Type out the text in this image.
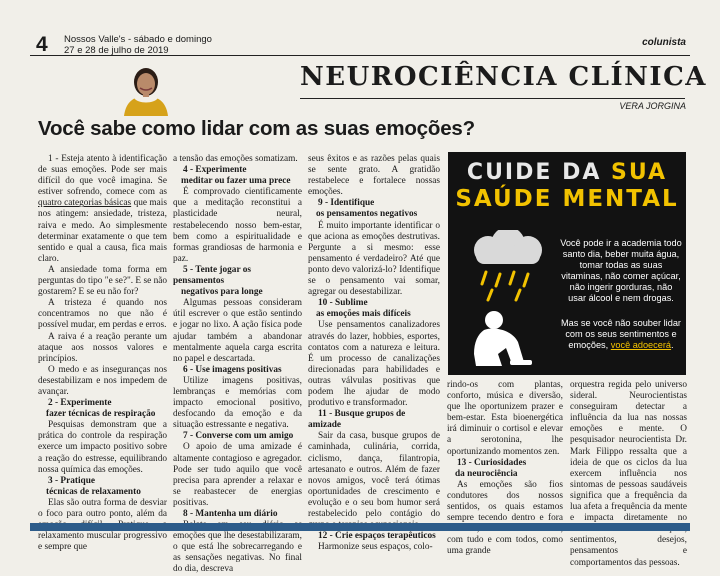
4 Nossos Valle's - sábado e domingo
27 e 28 de julho de 2019
colunista
NEUROCIÊNCIA CLÍNICA
VERA JORGINA
Você sabe como lidar com as suas emoções?

1 - Esteja atento à identificação de suas emoções. Pode ser mais difícil do que você imagina. Se estiver sofrendo, comece com as quatro categorias básicas que mais nos atingem: ansiedade, tristeza, raiva e medo. Ao simplesmente determinar exatamente o que tem sentido e qual a causa, fica mais claro.

A ansiedade toma forma em perguntas do tipo "e se?". E se não gostarem? E se eu não for?

A tristeza é quando nos concentramos no que não é possível mudar, em perdas e erros.

A raiva é a reação perante um ataque aos nossos valores e princípios.

O medo e as inseguranças nos desestabilizam e nos impedem de avançar.

2 - Experimente

fazer técnicas de respiração

Pesquisas demonstram que a prática do controle da respiração exerce um impacto positivo sobre a reação do estresse, equilibrando nossa química das emoções.

3 - Pratique

técnicas de relaxamento

Elas são outra forma de desviar o foco para outro ponto, além da relaxamento muscular progressivo e sempre que

a tensão das emoções somatizam.

4 - Experimente

meditar ou fazer uma prece

É comprovado cientificamente que a meditação reconstitui a plasticidade neural, restabelecendo nosso bem-estar, bem como a espiritualidade e formas grandiosas de harmonia e paz.

5 - Tente jogar os pensamentos

negativos para longe

Algumas pessoas consideram útil escrever o que estão sentindo e jogar no lixo. A ação física pode ajudar também a abandonar mentalmente aquela carga escrita no papel e descartada.

6 - Use imagens positivas

Utilize imagens positivas, lembranças e memórias com impacto emocional positivo, desfocando da emoção e da situação estressante e negativa.

7 - Converse com um amigo

O apoio de uma amizade é altamente contagioso e agregador. Pode ser tudo aquilo que você precisa para aprender a relaxar e se reabastecer de energias positivas.

8 - Mantenha um diário

emoções que lhe desestabilizaram, o que está lhe sobrecarregando e as sensações negativas. No final do dia, descreva

seus êxitos e as razões pelas quais se sente grato. A gratidão restabelece e fortalece nossas emoções.

9 - Identifique

os pensamentos negativos

É muito importante identificar o que aciona as emoções destrutivas. Pergunte a si mesmo: esse pensamento é verdadeiro? Até que ponto devo valorizá-lo? Identifique se o pensamento vai somar, agregar ou desestabilizar.

10 - Sublime

as emoções mais difíceis

Use pensamentos canalizadores através do lazer, hobbies, esportes, contatos com a natureza e leitura. É um processo de canalizações direcionadas para habilidades e outras válvulas positivas que podem lhe ajudar de modo produtivo e transformador.

11 - Busque grupos de amizade

Sair da casa, busque grupos de caminhada, culinária, corrida, ciclismo, dança, filantropia, artesanato e outros. Além de fazer novos amigos, você terá ótimas oportunidades de crescimento e evolução e o seu bom humor será restabelecido pelo contágio do

12 - Crie espaços terapêuticos

Harmonize seus espaços, colo-

rindo-os com plantas, conforto, música e diversão, que lhe oportunizem prazer e bem-estar. Esta bioenergética irá diminuir o cortisol e elevar a serotonina, lhe oportunizando momentos zen.

13 - Curiosidades

da neurociência

As emoções são fios condutores dos nossos sentidos, os quais estamos sempre tecendo dentro e fora com tudo e com todos, como uma grande

orquestra regida pelo universo sideral. Neurocientistas conseguiram detectar a influência da lua nas nossas emoções e mente. O pesquisador neurocientista Dr. Mark Filippo ressalta que a ideia de que os ciclos da lua exercem influência nos sintomas de pessoas saudáveis significa que a frequência da lua afeta a frequência da mente e impacta diretamente no sentimentos, desejos, pensamentos e comportamentos das pessoas.

CUIDE DA SUA
SAÚDE MENTAL
Você pode ir a academia todo santo dia, beber muita água, tomar todas as suas vitaminas, não comer açúcar, não ingerir gorduras, não usar álcool e nem drogas.
Mas se você não souber lidar com os seus sentimentos e emoções, você adoecerá.
